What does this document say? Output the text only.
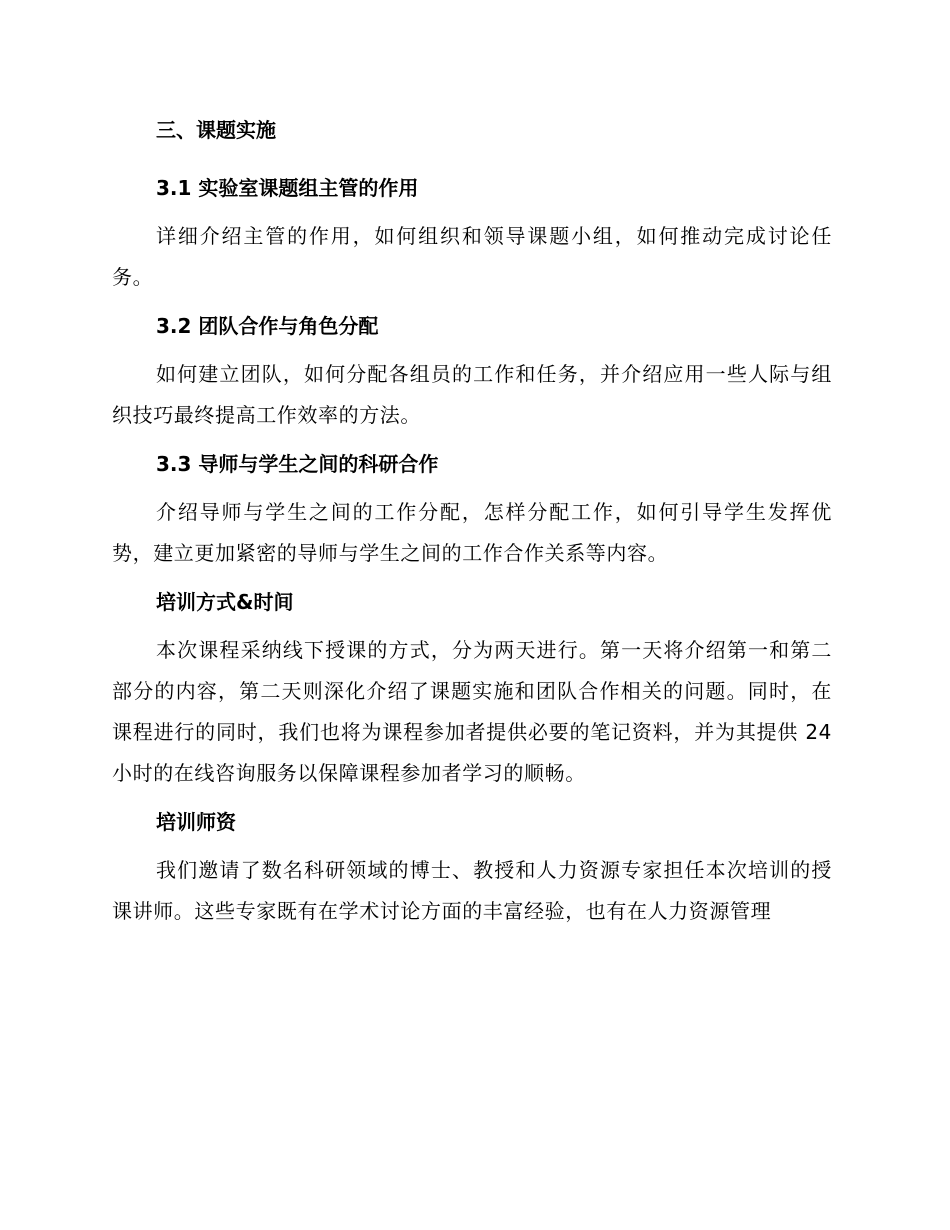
三、课题实施
3.1 实验室课题组主管的作用

详细介绍主管的作用，如何组织和领导课题小组，如何推动完成讨论任务。

3.2 团队合作与角色分配

如何建立团队，如何分配各组员的工作和任务，并介绍应用一些人际与组织技巧最终提高工作效率的方法。

3.3 导师与学生之间的科研合作

介绍导师与学生之间的工作分配，怎样分配工作，如何引导学生发挥优势，建立更加紧密的导师与学生之间的工作合作关系等内容。

培训方式&时间

本次课程采纳线下授课的方式，分为两天进行。第一天将介绍第一和第二部分的内容，第二天则深化介绍了课题实施和团队合作相关的问题。同时，在课程进行的同时，我们也将为课程参加者提供必要的笔记资料，并为其提供 24 小时的在线咨询服务以保障课程参加者学习的顺畅。

培训师资

我们邀请了数名科研领域的博士、教授和人力资源专家担任本次培训的授课讲师。这些专家既有在学术讨论方面的丰富经验，也有在人力资源管理
